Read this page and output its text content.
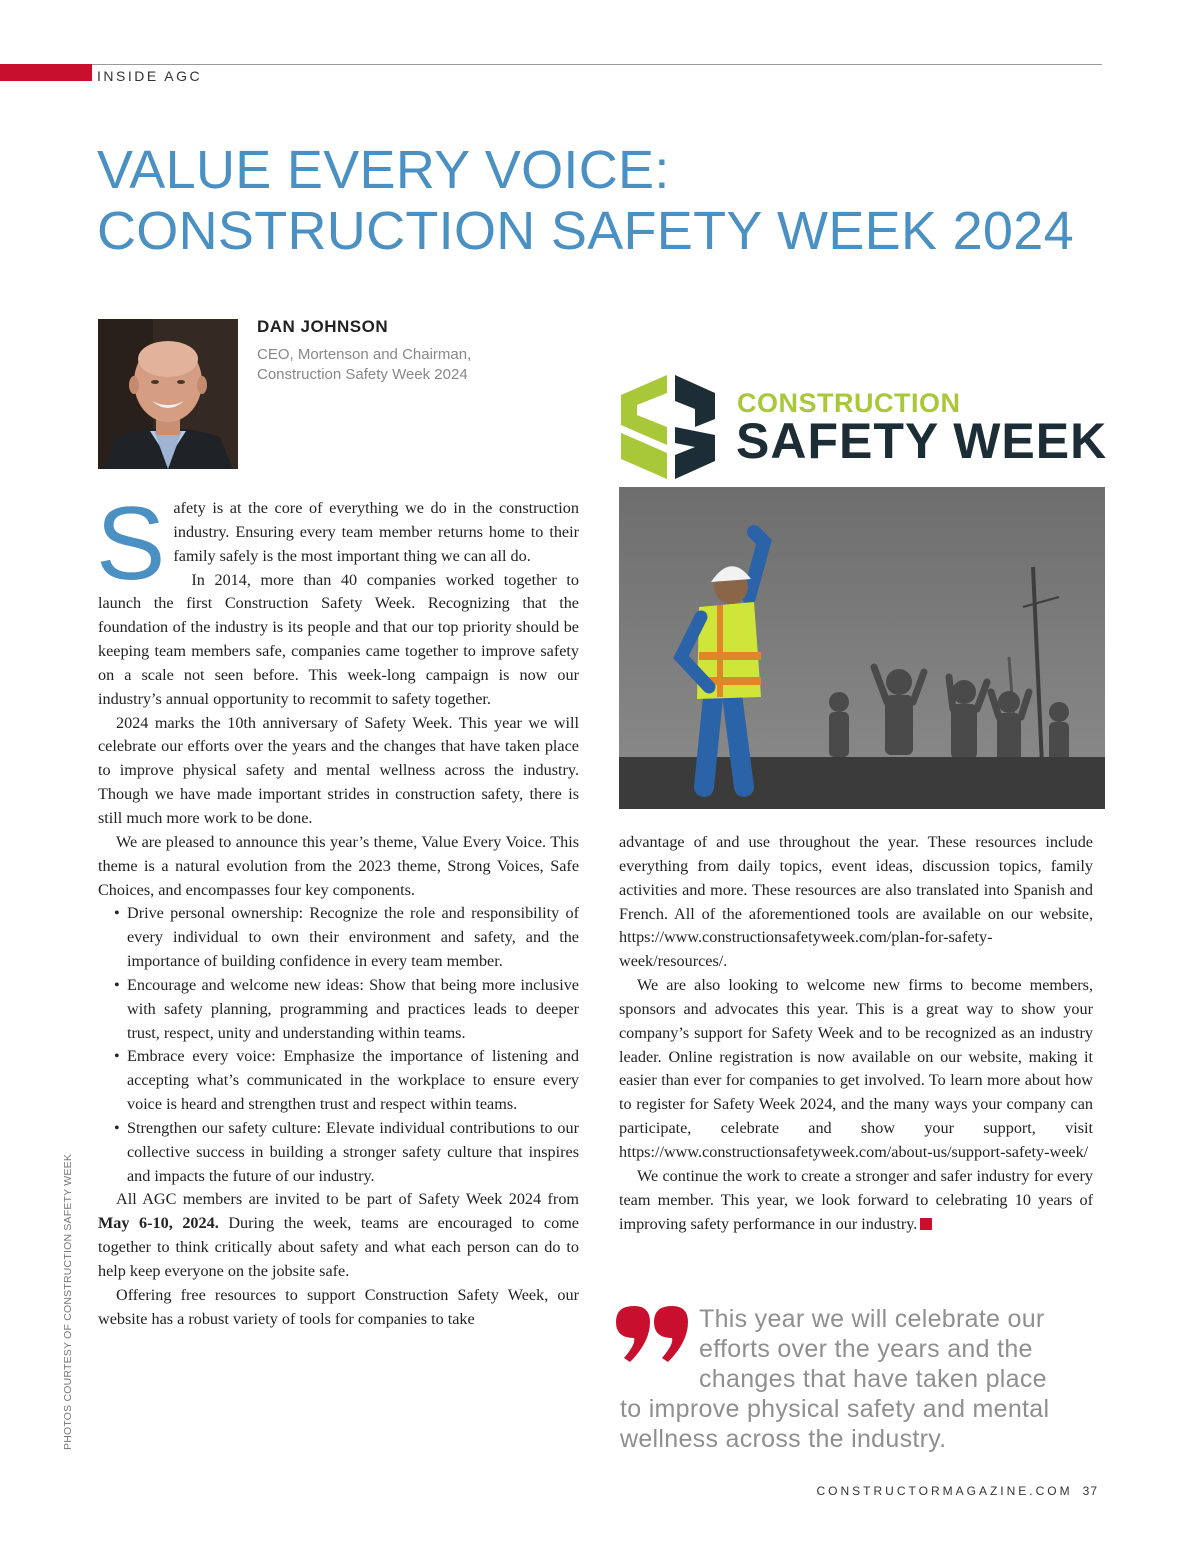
INSIDE AGC
VALUE EVERY VOICE:
CONSTRUCTION SAFETY WEEK 2024
DAN JOHNSON
CEO, Mortenson and Chairman,
Construction Safety Week 2024
CONSTRUCTION
SAFETY WEEK

Safety is at the core of everything we do in the construction industry. Ensuring every team member returns home to their family safely is the most important thing we can all do.

In 2014, more than 40 companies worked together to launch the first Construction Safety Week. Recognizing that the foundation of the industry is its people and that our top priority should be keeping team members safe, companies came together to improve safety on a scale not seen before. This week-long campaign is now our industry’s annual opportunity to recommit to safety together.

2024 marks the 10th anniversary of Safety Week. This year we will celebrate our efforts over the years and the changes that have taken place to improve physical safety and mental wellness across the industry. Though we have made important strides in construction safety, there is still much more work to be done.

We are pleased to announce this year’s theme, Value Every Voice. This theme is a natural evolution from the 2023 theme, Strong Voices, Safe Choices, and encompasses four key components.

• Drive personal ownership: Recognize the role and responsibility of every individual to own their environment and safety, and the importance of building confidence in every team member.
• Encourage and welcome new ideas: Show that being more inclusive with safety planning, programming and practices leads to deeper trust, respect, unity and understanding within teams.
• Embrace every voice: Emphasize the importance of listening and accepting what’s communicated in the workplace to ensure every voice is heard and strengthen trust and respect within teams.
• Strengthen our safety culture: Elevate individual contributions to our collective success in building a stronger safety culture that inspires and impacts the future of our industry.

All AGC members are invited to be part of Safety Week 2024 from May 6-10, 2024. During the week, teams are encouraged to come together to think critically about safety and what each person can do to help keep everyone on the jobsite safe.

Offering free resources to support Construction Safety Week, our website has a robust variety of tools for companies to take

advantage of and use throughout the year. These resources include everything from daily topics, event ideas, discussion topics, family activities and more. These resources are also translated into Spanish and French. All of the aforementioned tools are available on our website, https://www.constructionsafetyweek.com/plan-for-safety-week/resources/.

We are also looking to welcome new firms to become members, sponsors and advocates this year. This is a great way to show your company’s support for Safety Week and to be recognized as an industry leader. Online registration is now available on our website, making it easier than ever for companies to get involved. To learn more about how to register for Safety Week 2024, and the many ways your company can participate, celebrate and show your support, visit https://www.constructionsafetyweek.com/about-us/support-safety-week/

We continue the work to create a stronger and safer industry for every team member. This year, we look forward to celebrating 10 years of improving safety performance in our industry.

This year we will celebrate our
efforts over the years and the
changes that have taken place
to improve physical safety and mental
wellness across the industry.
PHOTOS COURTESY OF CONSTRUCTION SAFETY WEEK
CONSTRUCTORMAGAZINE.COM 37
